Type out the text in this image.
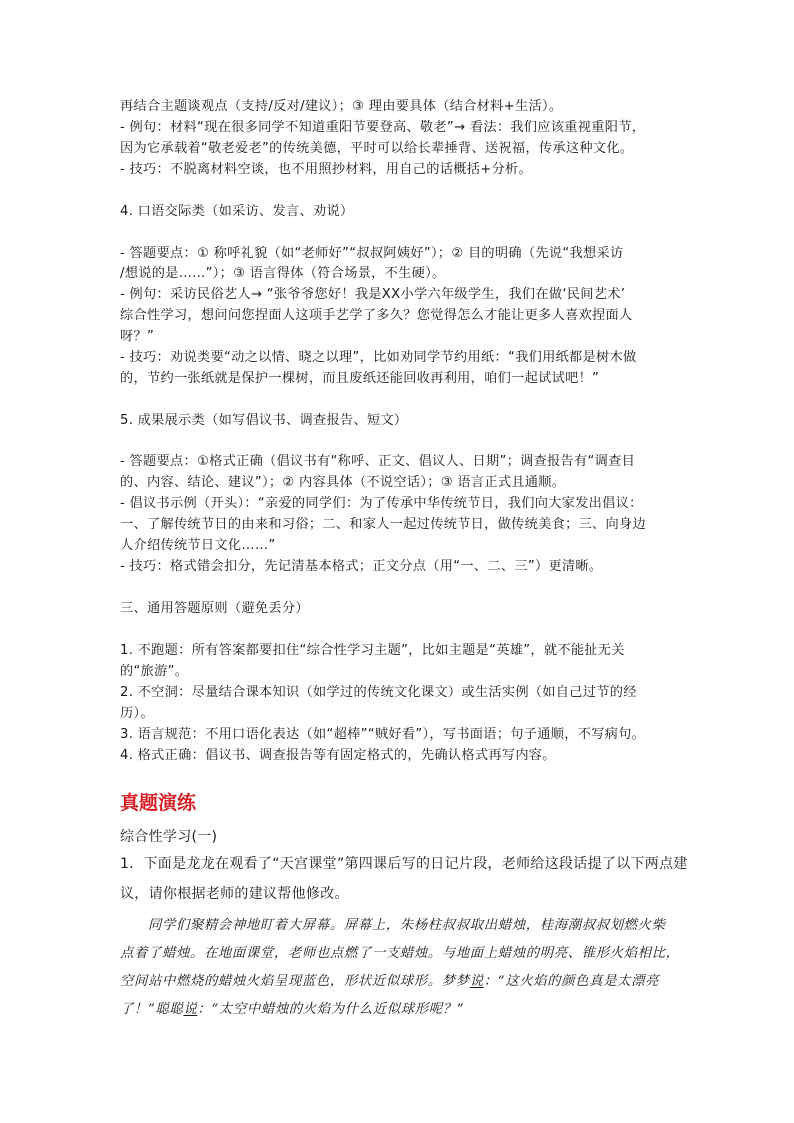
再结合主题谈观点（支持/反对/建议）；③ 理由要具体（结合材料+生活）。
- 例句：材料“现在很多同学不知道重阳节要登高、敬老”→ 看法：我们应该重视重阳节，
因为它承载着“敬老爱老”的传统美德，平时可以给长辈捶背、送祝福，传承这种文化。
- 技巧：不脱离材料空谈，也不用照抄材料，用自己的话概括+分析。
4. 口语交际类（如采访、发言、劝说）
- 答题要点：① 称呼礼貌（如“老师好”“叔叔阿姨好”）；② 目的明确（先说“我想采访
/想说的是……”）；③ 语言得体（符合场景，不生硬）。
- 例句：采访民俗艺人→ “张爷爷您好！我是XX小学六年级学生，我们在做‘民间艺术’
综合性学习，想问问您捏面人这项手艺学了多久？您觉得怎么才能让更多人喜欢捏面人
呀？”
- 技巧：劝说类要“动之以情、晓之以理”，比如劝同学节约用纸：“我们用纸都是树木做
的，节约一张纸就是保护一棵树，而且废纸还能回收再利用，咱们一起试试吧！”
5. 成果展示类（如写倡议书、调查报告、短文）
- 答题要点：①格式正确（倡议书有“称呼、正文、倡议人、日期”；调查报告有“调查目
的、内容、结论、建议”）；② 内容具体（不说空话）；③ 语言正式且通顺。
- 倡议书示例（开头）：“亲爱的同学们：为了传承中华传统节日，我们向大家发出倡议：
一、了解传统节日的由来和习俗；二、和家人一起过传统节日，做传统美食；三、向身边
人介绍传统节日文化……”
- 技巧：格式错会扣分，先记清基本格式；正文分点（用“一、二、三”）更清晰。
三、通用答题原则（避免丢分）
1. 不跑题：所有答案都要扣住“综合性学习主题”，比如主题是“英雄”，就不能扯无关
的“旅游”。
2. 不空洞：尽量结合课本知识（如学过的传统文化课文）或生活实例（如自己过节的经
历）。
3. 语言规范：不用口语化表达（如“超棒”“贼好看”），写书面语；句子通顺，不写病句。
4. 格式正确：倡议书、调查报告等有固定格式的，先确认格式再写内容。
真题演练
综合性学习(一)
1．下面是龙龙在观看了“天宫课堂”第四课后写的日记片段，老师给这段话提了以下两点建
议，请你根据老师的建议帮他修改。
同学们聚精会神地盯着大屏幕。屏幕上，朱杨柱叔叔取出蜡烛，桂海潮叔叔划燃火柴
点着了蜡烛。在地面课堂，老师也点燃了一支蜡烛。与地面上蜡烛的明亮、锥形火焰相比，
空间站中燃烧的蜡烛火焰呈现蓝色，形状近似球形。梦梦说：“这火焰的颜色真是太漂亮
了！”聪聪说：“太空中蜡烛的火焰为什么近似球形呢？”
